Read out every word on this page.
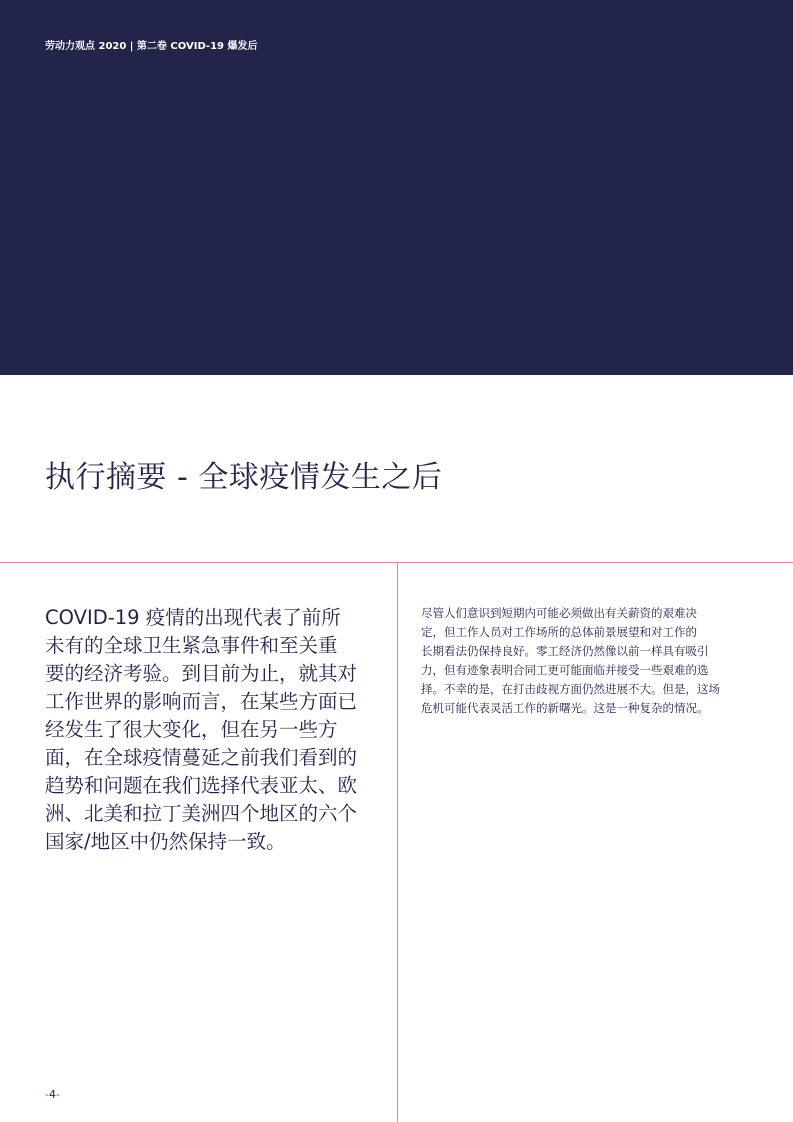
劳动力观点 2020 | 第二卷 COVID-19 爆发后
执行摘要 - 全球疫情发生之后

COVID-19 疫情的出现代表了前所
未有的全球卫生紧急事件和至关重
要的经济考验。到目前为止，就其对
工作世界的影响而言，在某些方面已
经发生了很大变化，但在另一些方
面，在全球疫情蔓延之前我们看到的
趋势和问题在我们选择代表亚太、欧
洲、北美和拉丁美洲四个地区的六个
国家/地区中仍然保持一致。

尽管人们意识到短期内可能必须做出有关薪资的艰难决
定，但工作人员对工作场所的总体前景展望和对工作的
长期看法仍保持良好。零工经济仍然像以前一样具有吸引
力，但有迹象表明合同工更可能面临并接受一些艰难的选
择。不幸的是，在打击歧视方面仍然进展不大。但是，这场
危机可能代表灵活工作的新曙光。这是一种复杂的情况。

-4-
